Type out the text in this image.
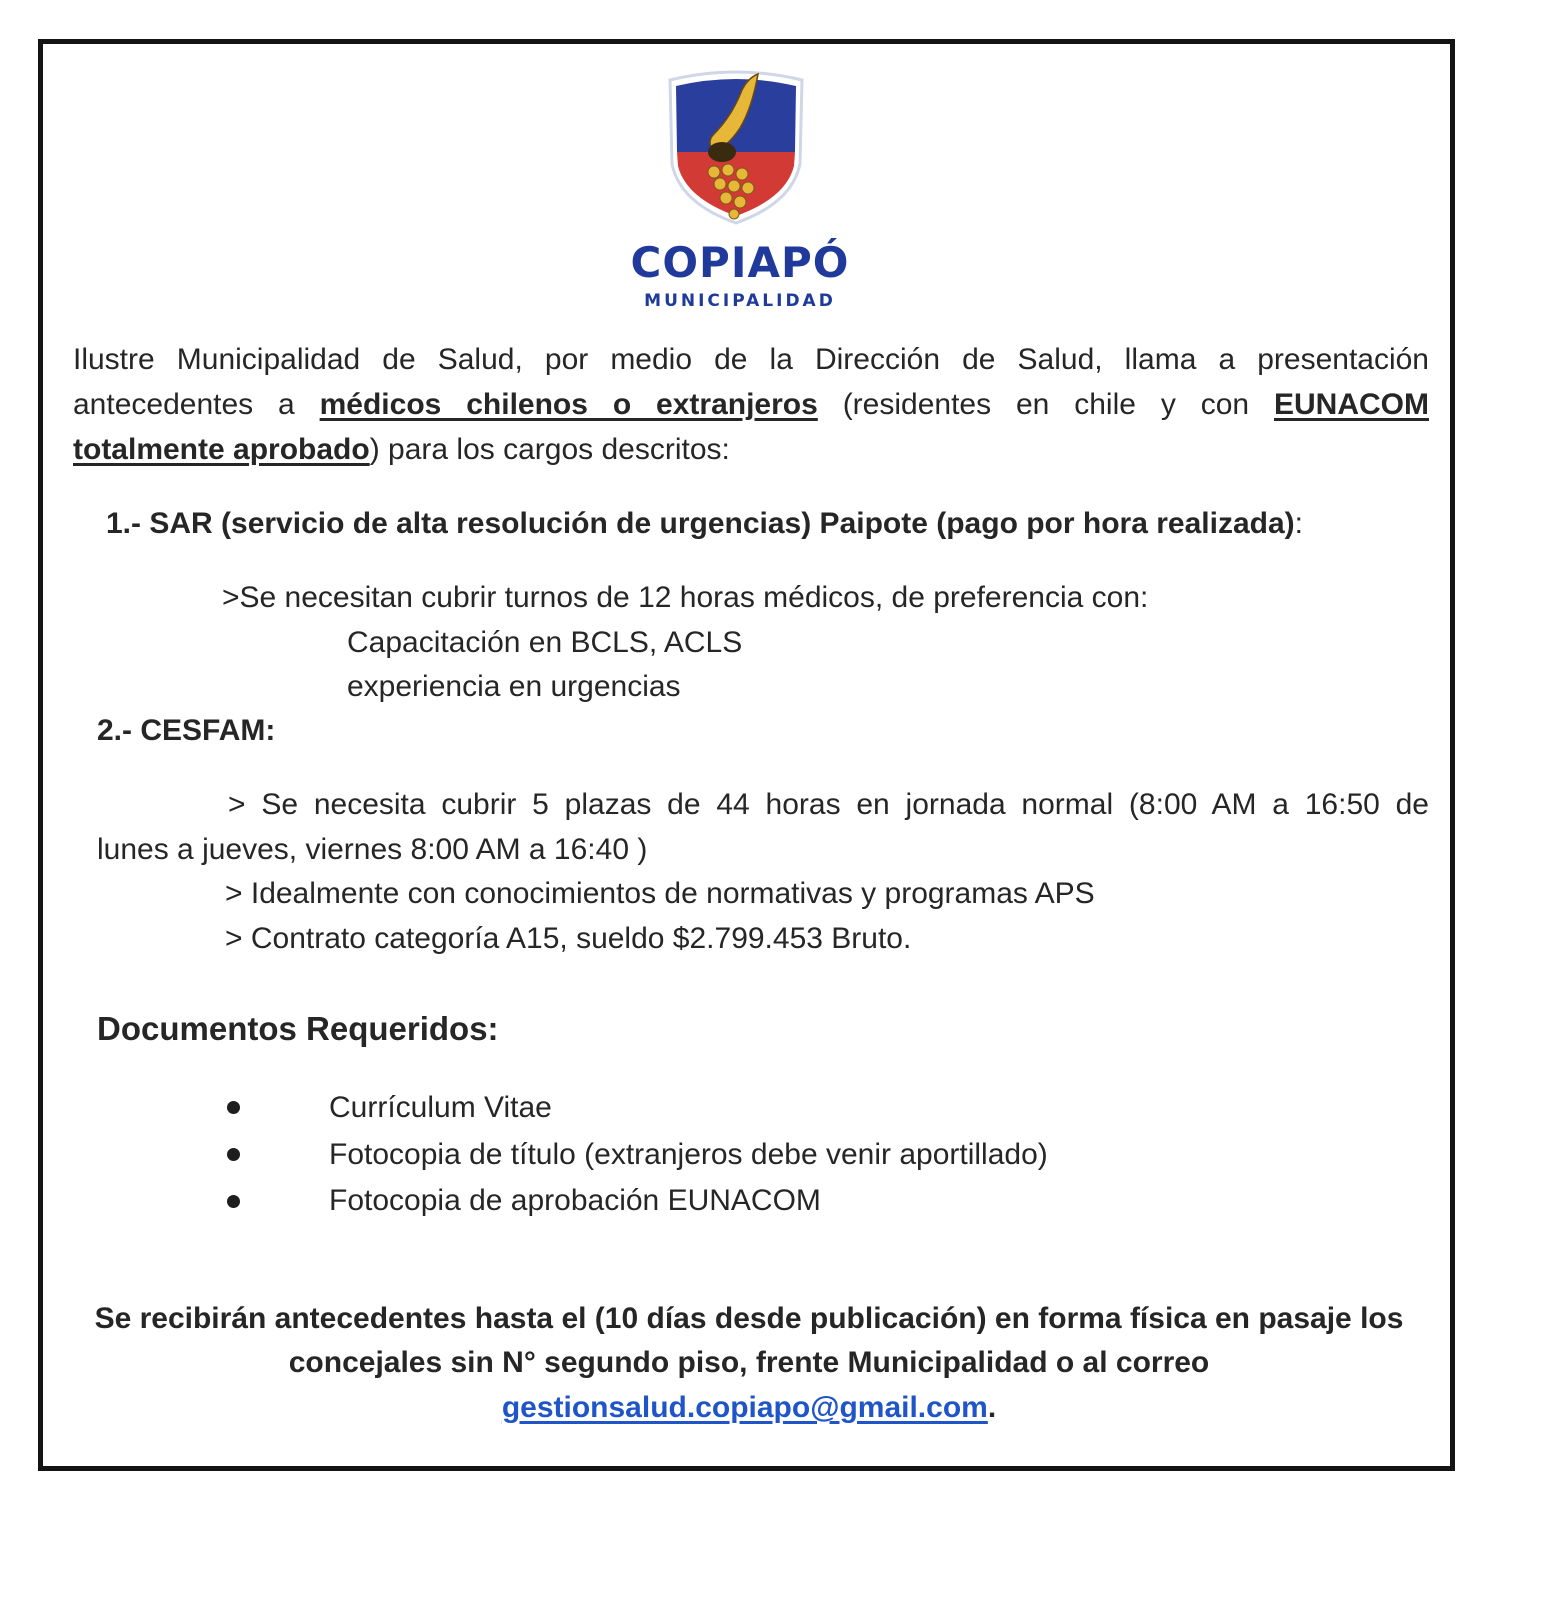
COPIAPÓ
MUNICIPALIDAD
Ilustre Municipalidad de Salud, por medio de la Dirección de Salud, llama a presentación
antecedentes a médicos chilenos o extranjeros (residentes en chile y con EUNACOM
totalmente aprobado) para los cargos descritos:
1.- SAR (servicio de alta resolución de urgencias) Paipote (pago por hora realizada):
>Se necesitan cubrir turnos de 12 horas médicos, de preferencia con:
Capacitación en BCLS, ACLS
experiencia en urgencias
2.- CESFAM:
> Se necesita cubrir 5 plazas de 44 horas en jornada normal (8:00 AM a 16:50 de
lunes a jueves, viernes 8:00 AM a 16:40 )
> Idealmente con conocimientos de normativas y programas APS
> Contrato categoría A15, sueldo $2.799.453 Bruto.
Documentos Requeridos:
Currículum Vitae
Fotocopia de título (extranjeros debe venir aportillado)
Fotocopia de aprobación EUNACOM
Se recibirán antecedentes hasta el (10 días desde publicación) en forma física en pasaje los
concejales sin N° segundo piso, frente Municipalidad o al correo
gestionsalud.copiapo@gmail.com.
